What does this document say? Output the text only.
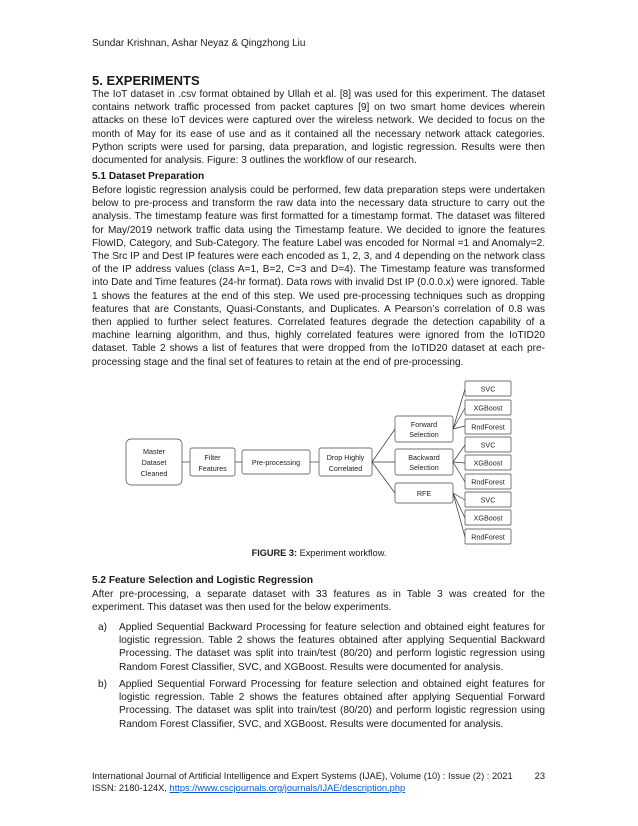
Sundar Krishnan, Ashar Neyaz & Qingzhong Liu
5. EXPERIMENTS

The IoT dataset in .csv format obtained by Ullah et al. [8] was used for this experiment. The dataset contains network traffic processed from packet captures [9] on two smart home devices wherein attacks on these IoT devices were captured over the wireless network. We decided to focus on the month of May for its ease of use and as it contained all the necessary network attack categories. Python scripts were used for parsing, data preparation, and logistic regression. Results were then documented for analysis. Figure: 3 outlines the workflow of our research.

5.1 Dataset Preparation

Before logistic regression analysis could be performed, few data preparation steps were undertaken below to pre-process and transform the raw data into the necessary data structure to carry out the analysis. The timestamp feature was first formatted for a timestamp format. The dataset was filtered for May/2019 network traffic data using the Timestamp feature. We decided to ignore the features FlowID, Category, and Sub-Category. The feature Label was encoded for Normal =1 and Anomaly=2. The Src IP and Dest IP features were each encoded as 1, 2, 3, and 4 depending on the network class of the IP address values (class A=1, B=2, C=3 and D=4). The Timestamp feature was transformed into Date and Time features (24-hr format). Data rows with invalid Dst IP (0.0.0.x) were ignored. Table 1 shows the features at the end of this step. We used pre-processing techniques such as dropping features that are Constants, Quasi-Constants, and Duplicates. A Pearson’s correlation of 0.8 was then applied to further select features. Correlated features degrade the detection capability of a machine learning algorithm, and thus, highly correlated features were ignored from the IoTID20 dataset. Table 2 shows a list of features that were dropped from the IoTID20 dataset at each pre-processing stage and the final set of features to retain at the end of pre-processing.

Master
Dataset
Cleaned
Filter
Features
Pre-processing
Drop Highly
Correlated
Forward
Selection
Backward
Selection
RFE
SVC
XGBoost
RndForest
SVC
XGBoost
RndForest
SVC
XGBoost
RndForest
FIGURE 3: Experiment workflow.
5.2 Feature Selection and Logistic Regression

After pre-processing, a separate dataset with 33 features as in Table 3 was created for the experiment. This dataset was then used for the below experiments.

a) Applied Sequential Backward Processing for feature selection and obtained eight features for logistic regression. Table 2 shows the features obtained after applying Sequential Backward Processing. The dataset was split into train/test (80/20) and perform logistic regression using Random Forest Classifier, SVC, and XGBoost. Results were documented for analysis.
b) Applied Sequential Forward Processing for feature selection and obtained eight features for logistic regression. Table 2 shows the features obtained after applying Sequential Forward Processing. The dataset was split into train/test (80/20) and perform logistic regression using Random Forest Classifier, SVC, and XGBoost. Results were documented for analysis.
International Journal of Artificial Intelligence and Expert Systems (IJAE), Volume (10) : Issue (2) : 2021 23
ISSN: 2180-124X, https://www.cscjournals.org/journals/IJAE/description.php
